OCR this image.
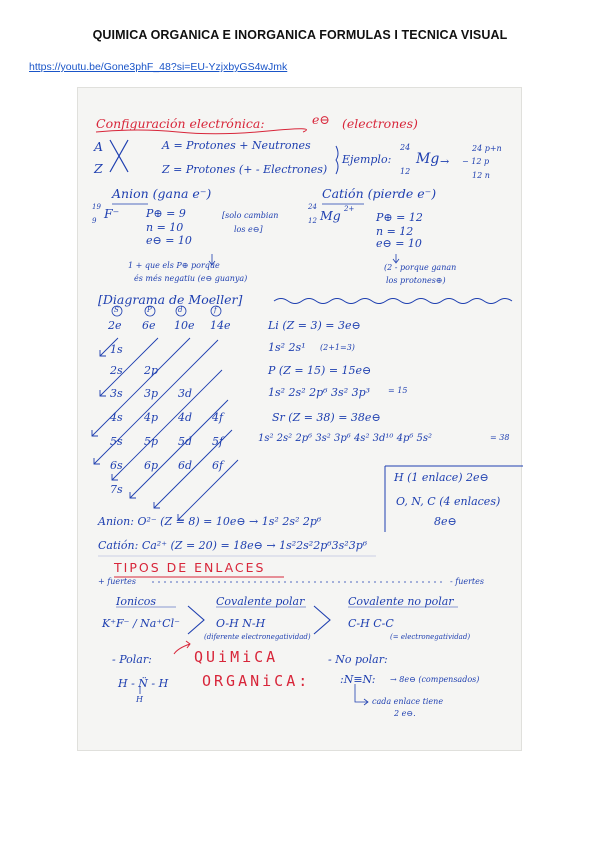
QUIMICA ORGANICA E INORGANICA FORMULAS I TECNICA VISUAL
https://youtu.be/Gone3phF_48?si=EU-YzjxbyGS4wJmk
Configuración electrónica:	e⊖ (electrones)
A
Z
A = Protones + Neutrones
Z = Protones (+ - Electrones)
Ejemplo:
24
12
Mg →
24 p+n
− 12 p
12 n
Anion (gana e⁻)
19
9 F⁻ P⊕ = 9
n = 10
e⊖ = 10
[solo cambian
los e⊖]
1 + que els P⊕ porque
és més negatiu (e⊖ guanya)
Catión (pierde e⁻)
24
12 Mg 2+
P⊕ = 12
n = 12
e⊖ = 10
(2 - porque ganan
los protones⊕)
[Diagrama de Moeller]
S	P	d	f
2e 6e 10e 14e
1s
2s 2p
3s 3p 3d
4s 4p 4d 4f
5s 5p 5d 5f
6s 6p 6d 6f
7s
Li (Z = 3) = 3e⊖
1s² 2s¹ (2+1=3)
P (Z = 15) = 15e⊖
1s² 2s² 2p⁶ 3s² 3p³ = 15
Sr (Z = 38) = 38e⊖
1s² 2s² 2p⁶ 3s² 3p⁶ 4s² 3d¹⁰ 4p⁶ 5s²	= 38
H (1 enlace) 2e⊖
O, N, C (4 enlaces)
8e⊖
Anion: O²⁻ (Z = 8) = 10e⊖ → 1s² 2s² 2p⁶
Catión: Ca²⁺ (Z = 20) = 18e⊖ → 1s²2s²2p⁶3s²3p⁶
TIPOS DE ENLACES
+ fuertes	- fuertes
Ionicos
K⁺F⁻ / Na⁺Cl⁻
Covalente polar
O-H N-H
(diferente electronegatividad)
Covalente no polar
C-H C-C
(= electronegatividad)
- Polar:	- No polar:
H - N̈ - H
H
QUiMiCA
ORGANiCA:	:N≡N: → 8e⊖ (compensados)
cada enlace tiene
2 e⊖.
